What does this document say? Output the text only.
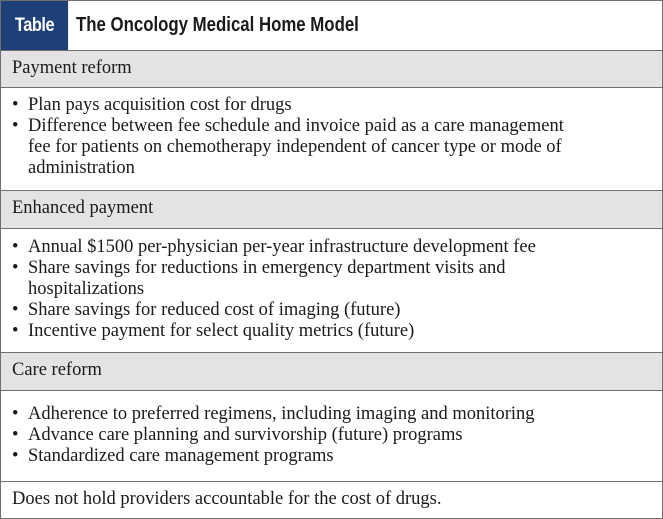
Table	The Oncology Medical Home Model
Payment reform
• Plan pays acquisition cost for drugs
• Difference between fee schedule and invoice paid as a care management
fee for patients on chemotherapy independent of cancer type or mode of
administration
Enhanced payment
• Annual $1500 per-physician per-year infrastructure development fee
• Share savings for reductions in emergency department visits and
hospitalizations
• Share savings for reduced cost of imaging (future)
• Incentive payment for select quality metrics (future)
Care reform
• Adherence to preferred regimens, including imaging and monitoring
• Advance care planning and survivorship (future) programs
• Standardized care management programs
Does not hold providers accountable for the cost of drugs.
